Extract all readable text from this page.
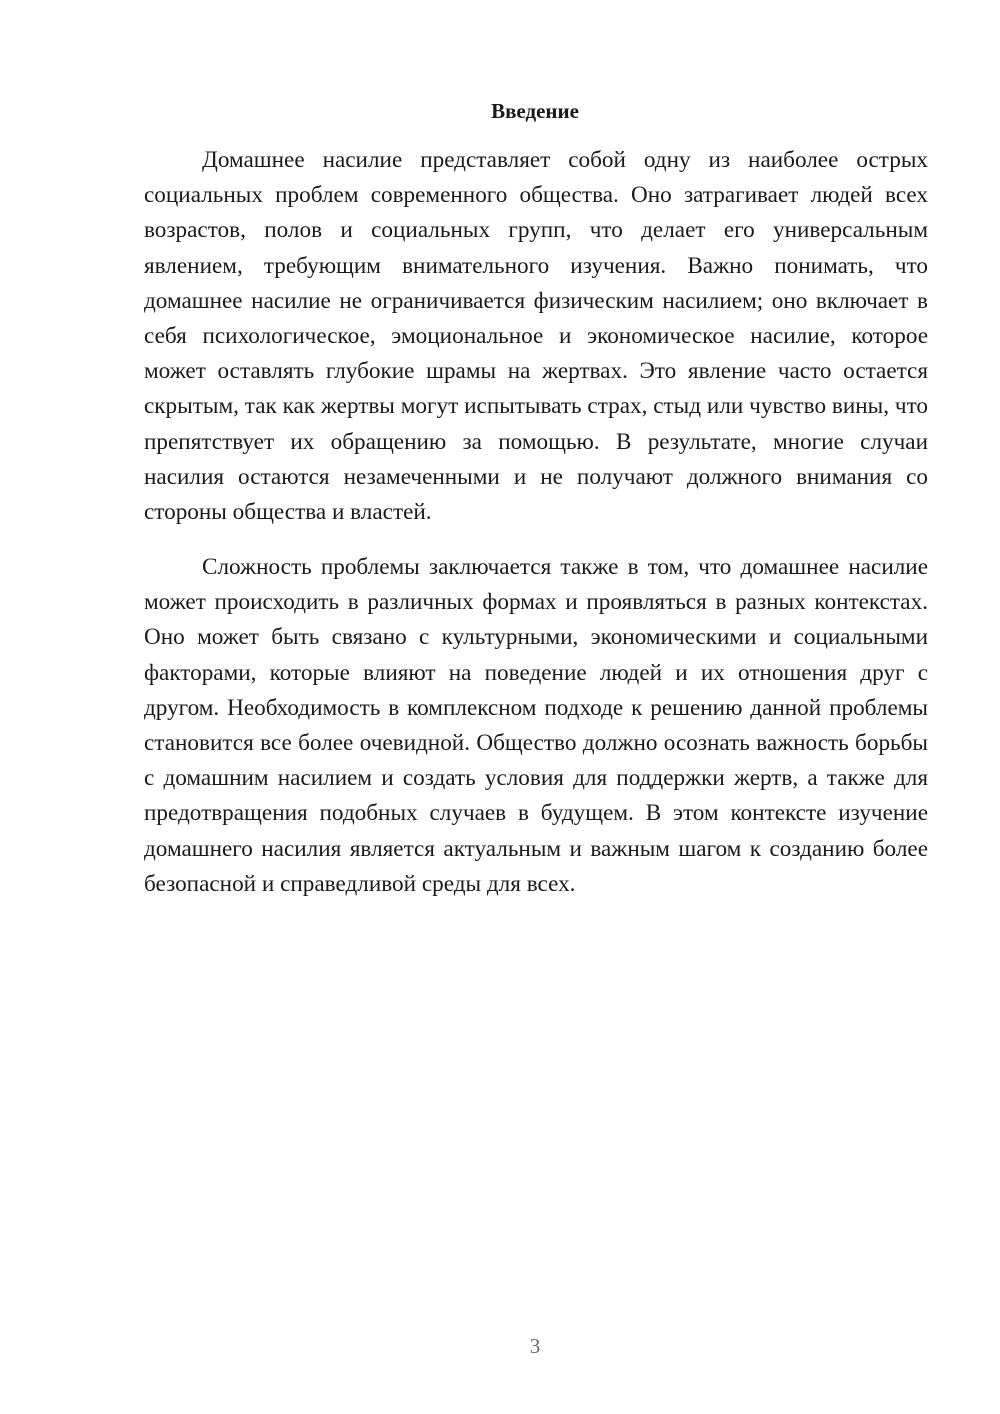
Введение

Домашнее насилие представляет собой одну из наиболее острых социальных проблем современного общества. Оно затрагивает людей всех возрастов, полов и социальных групп, что делает его универсальным явлением, требующим внимательного изучения. Важно понимать, что домашнее насилие не ограничивается физическим насилием; оно включает в себя психологическое, эмоциональное и экономическое насилие, которое может оставлять глубокие шрамы на жертвах. Это явление часто остается скрытым, так как жертвы могут испытывать страх, стыд или чувство вины, что препятствует их обращению за помощью. В результате, многие случаи насилия остаются незамеченными и не получают должного внимания со стороны общества и властей.

Сложность проблемы заключается также в том, что домашнее насилие может происходить в различных формах и проявляться в разных контекстах. Оно может быть связано с культурными, экономическими и социальными факторами, которые влияют на поведение людей и их отношения друг с другом. Необходимость в комплексном подходе к решению данной проблемы становится все более очевидной. Общество должно осознать важность борьбы с домашним насилием и создать условия для поддержки жертв, а также для предотвращения подобных случаев в будущем. В этом контексте изучение домашнего насилия является актуальным и важным шагом к созданию более безопасной и справедливой среды для всех.

3
